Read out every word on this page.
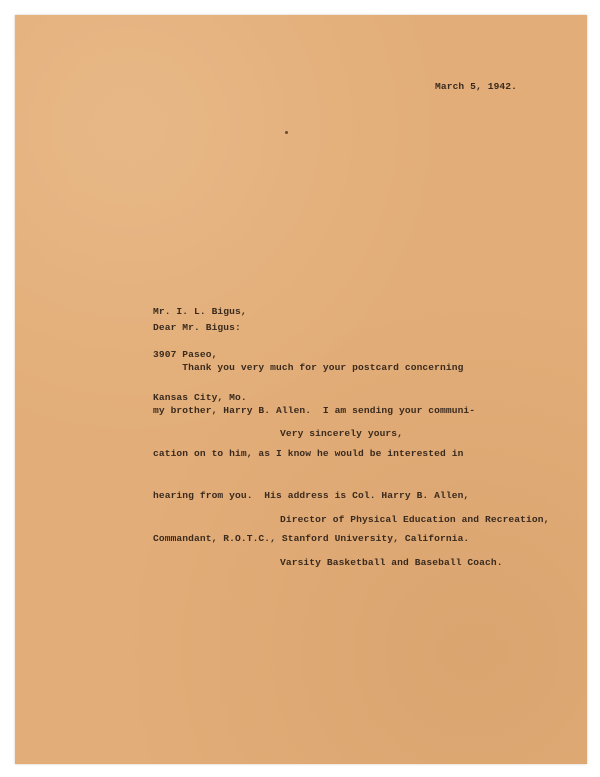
March 5, 1942.

Mr. I. L. Bigus,

3907 Paseo,

Kansas City, Mo.

Dear Mr. Bigus:

Thank you very much for your postcard concerning

my brother, Harry B. Allen.  I am sending your communi-

cation on to him, as I know he would be interested in

hearing from you.  His address is Col. Harry B. Allen,

Commandant, R.O.T.C., Stanford University, California.

Very sincerely yours,

Director of Physical Education and Recreation,

Varsity Basketball and Baseball Coach.
